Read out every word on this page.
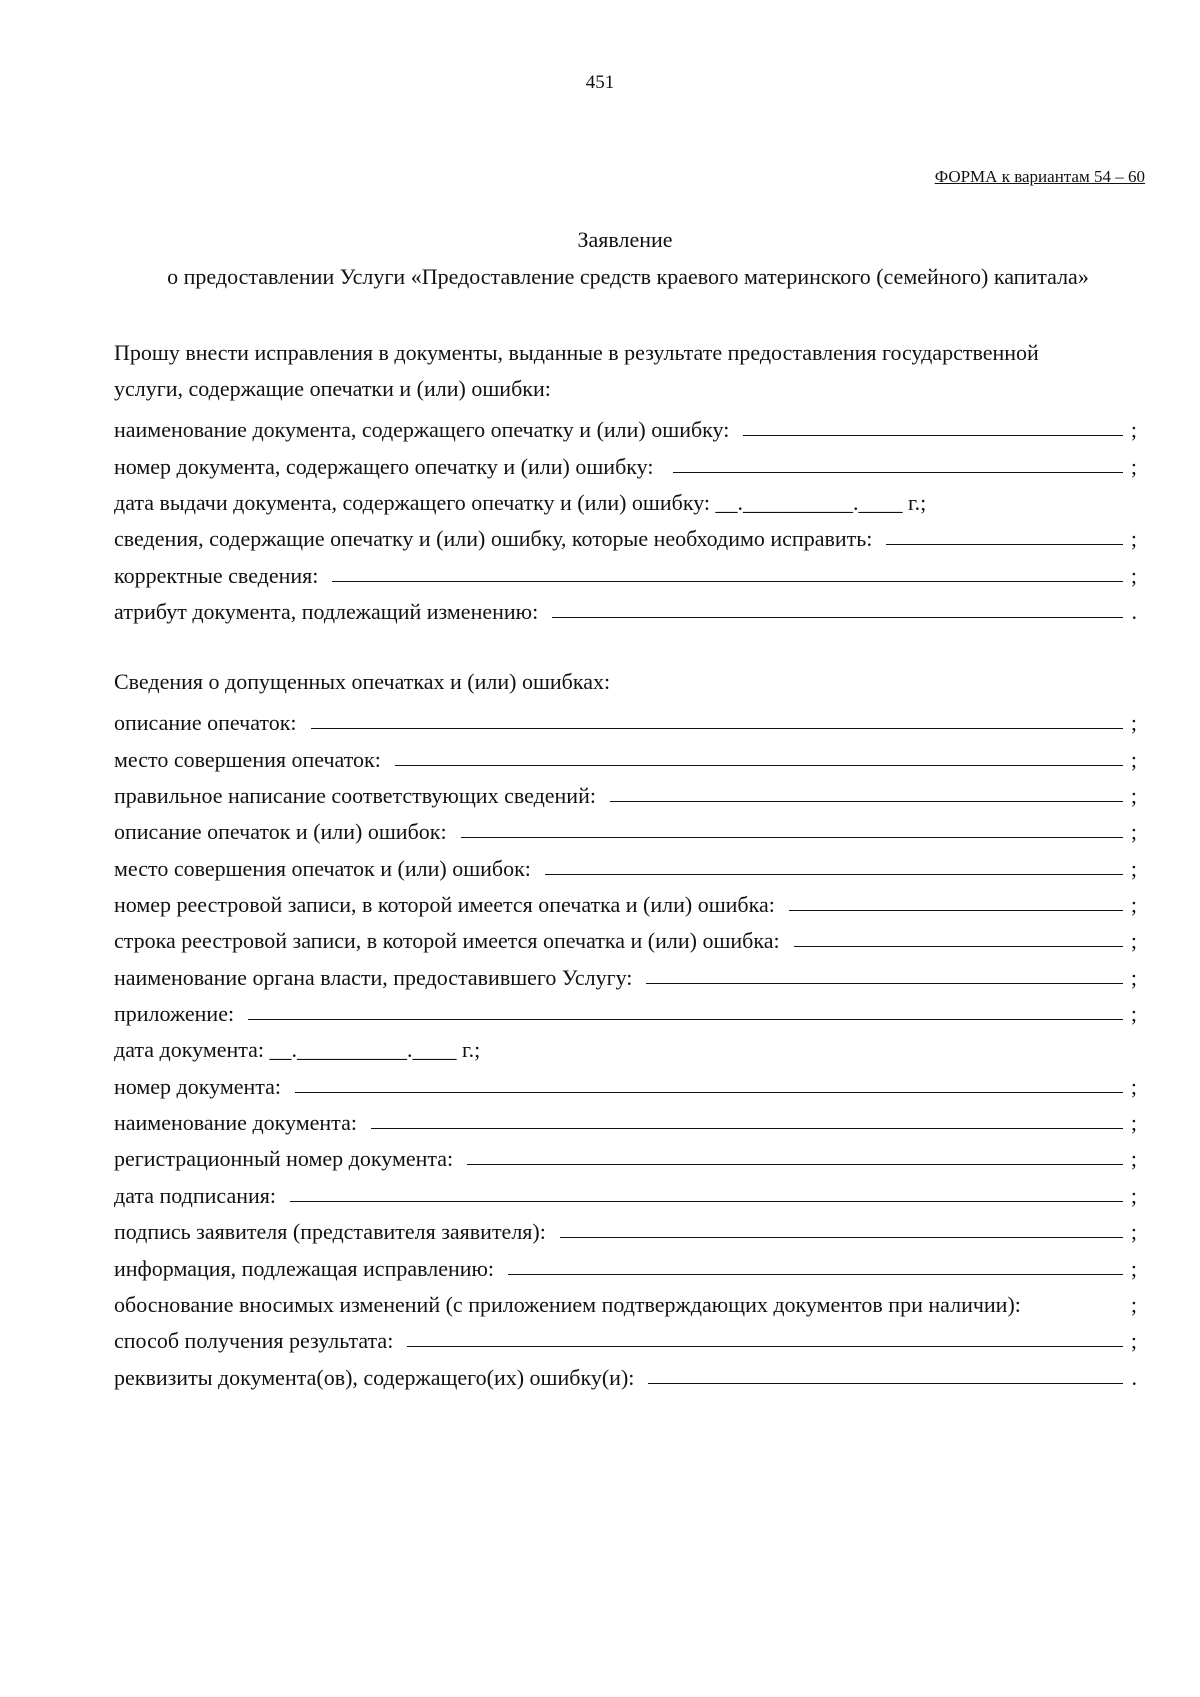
451
ФОРМА к вариантам 54 – 60
Заявление
о предоставлении Услуги «Предоставление средств краевого материнского (семейного) капитала»

Прошу внести исправления в документы, выданные в результате предоставления государственной

услуги, содержащие опечатки и (или) ошибки:

наименование документа, содержащего опечатку и (или) ошибку:	;
номер документа, содержащего опечатку и (или) ошибку:	;
дата выдачи документа, содержащего опечатку и (или) ошибку: __.__________.____ г.;
сведения, содержащие опечатку и (или) ошибку, которые необходимо исправить:	;
корректные сведения:	;
атрибут документа, подлежащий изменению:	.
Сведения о допущенных опечатках и (или) ошибках:
описание опечаток:	;
место совершения опечаток:	;
правильное написание соответствующих сведений:	;
описание опечаток и (или) ошибок:	;
место совершения опечаток и (или) ошибок:	;
номер реестровой записи, в которой имеется опечатка и (или) ошибка:	;
строка реестровой записи, в которой имеется опечатка и (или) ошибка:	;
наименование органа власти, предоставившего Услугу:	;
приложение:	;
дата документа: __.__________.____ г.;
номер документа:	;
наименование документа:	;
регистрационный номер документа:	;
дата подписания:	;
подпись заявителя (представителя заявителя):	;
информация, подлежащая исправлению:	;
обоснование вносимых изменений (с приложением подтверждающих документов при наличии):	;
способ получения результата:	;
реквизиты документа(ов), содержащего(их) ошибку(и):	.
